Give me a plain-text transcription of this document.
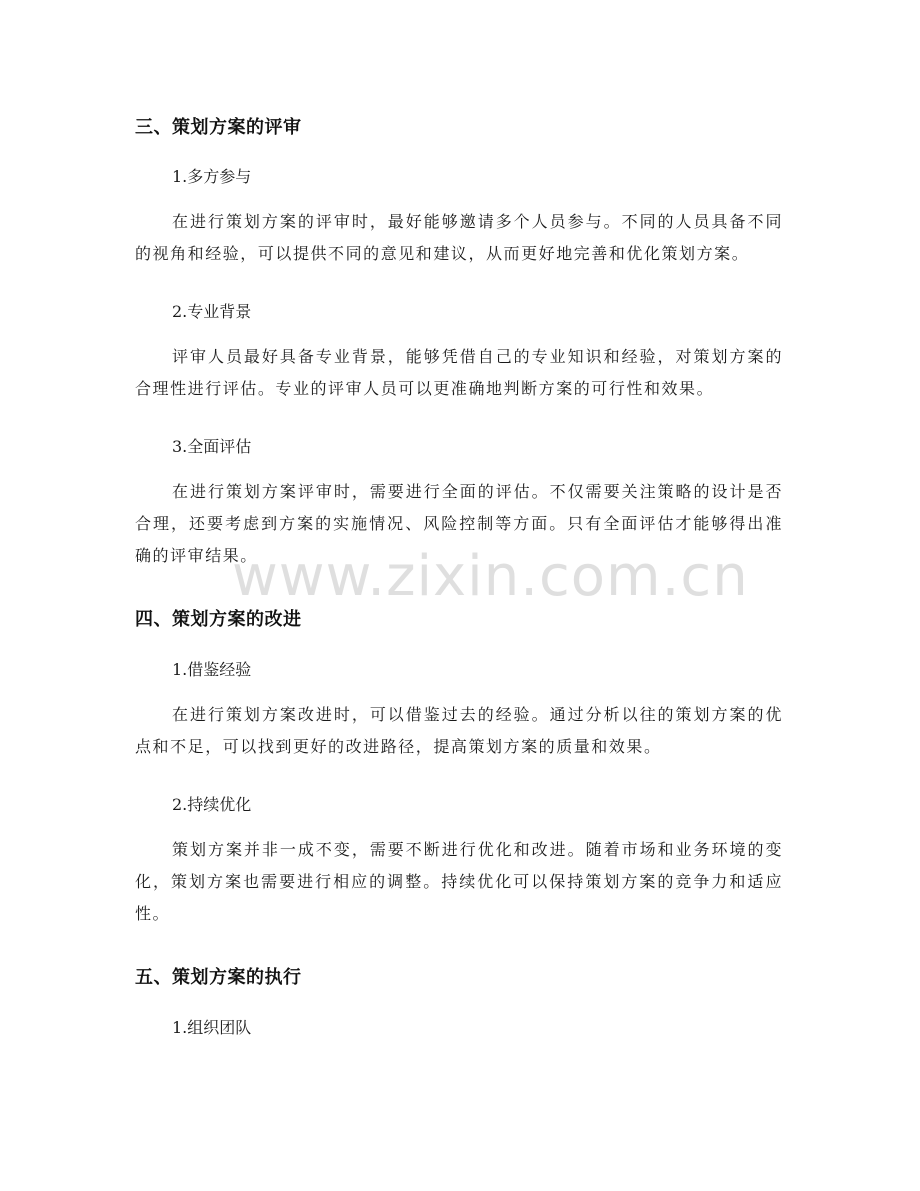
三、策划方案的评审
1.多方参与
在进行策划方案的评审时，最好能够邀请多个人员参与。不同的人员具备不同的视角和经验，可以提供不同的意见和建议，从而更好地完善和优化策划方案。
2.专业背景
评审人员最好具备专业背景，能够凭借自己的专业知识和经验，对策划方案的合理性进行评估。专业的评审人员可以更准确地判断方案的可行性和效果。
3.全面评估
在进行策划方案评审时，需要进行全面的评估。不仅需要关注策略的设计是否合理，还要考虑到方案的实施情况、风险控制等方面。只有全面评估才能够得出准确的评审结果。
四、策划方案的改进
1.借鉴经验
在进行策划方案改进时，可以借鉴过去的经验。通过分析以往的策划方案的优点和不足，可以找到更好的改进路径，提高策划方案的质量和效果。
2.持续优化
策划方案并非一成不变，需要不断进行优化和改进。随着市场和业务环境的变化，策划方案也需要进行相应的调整。持续优化可以保持策划方案的竞争力和适应性。
五、策划方案的执行
1.组织团队
www.zixin.com.cn
